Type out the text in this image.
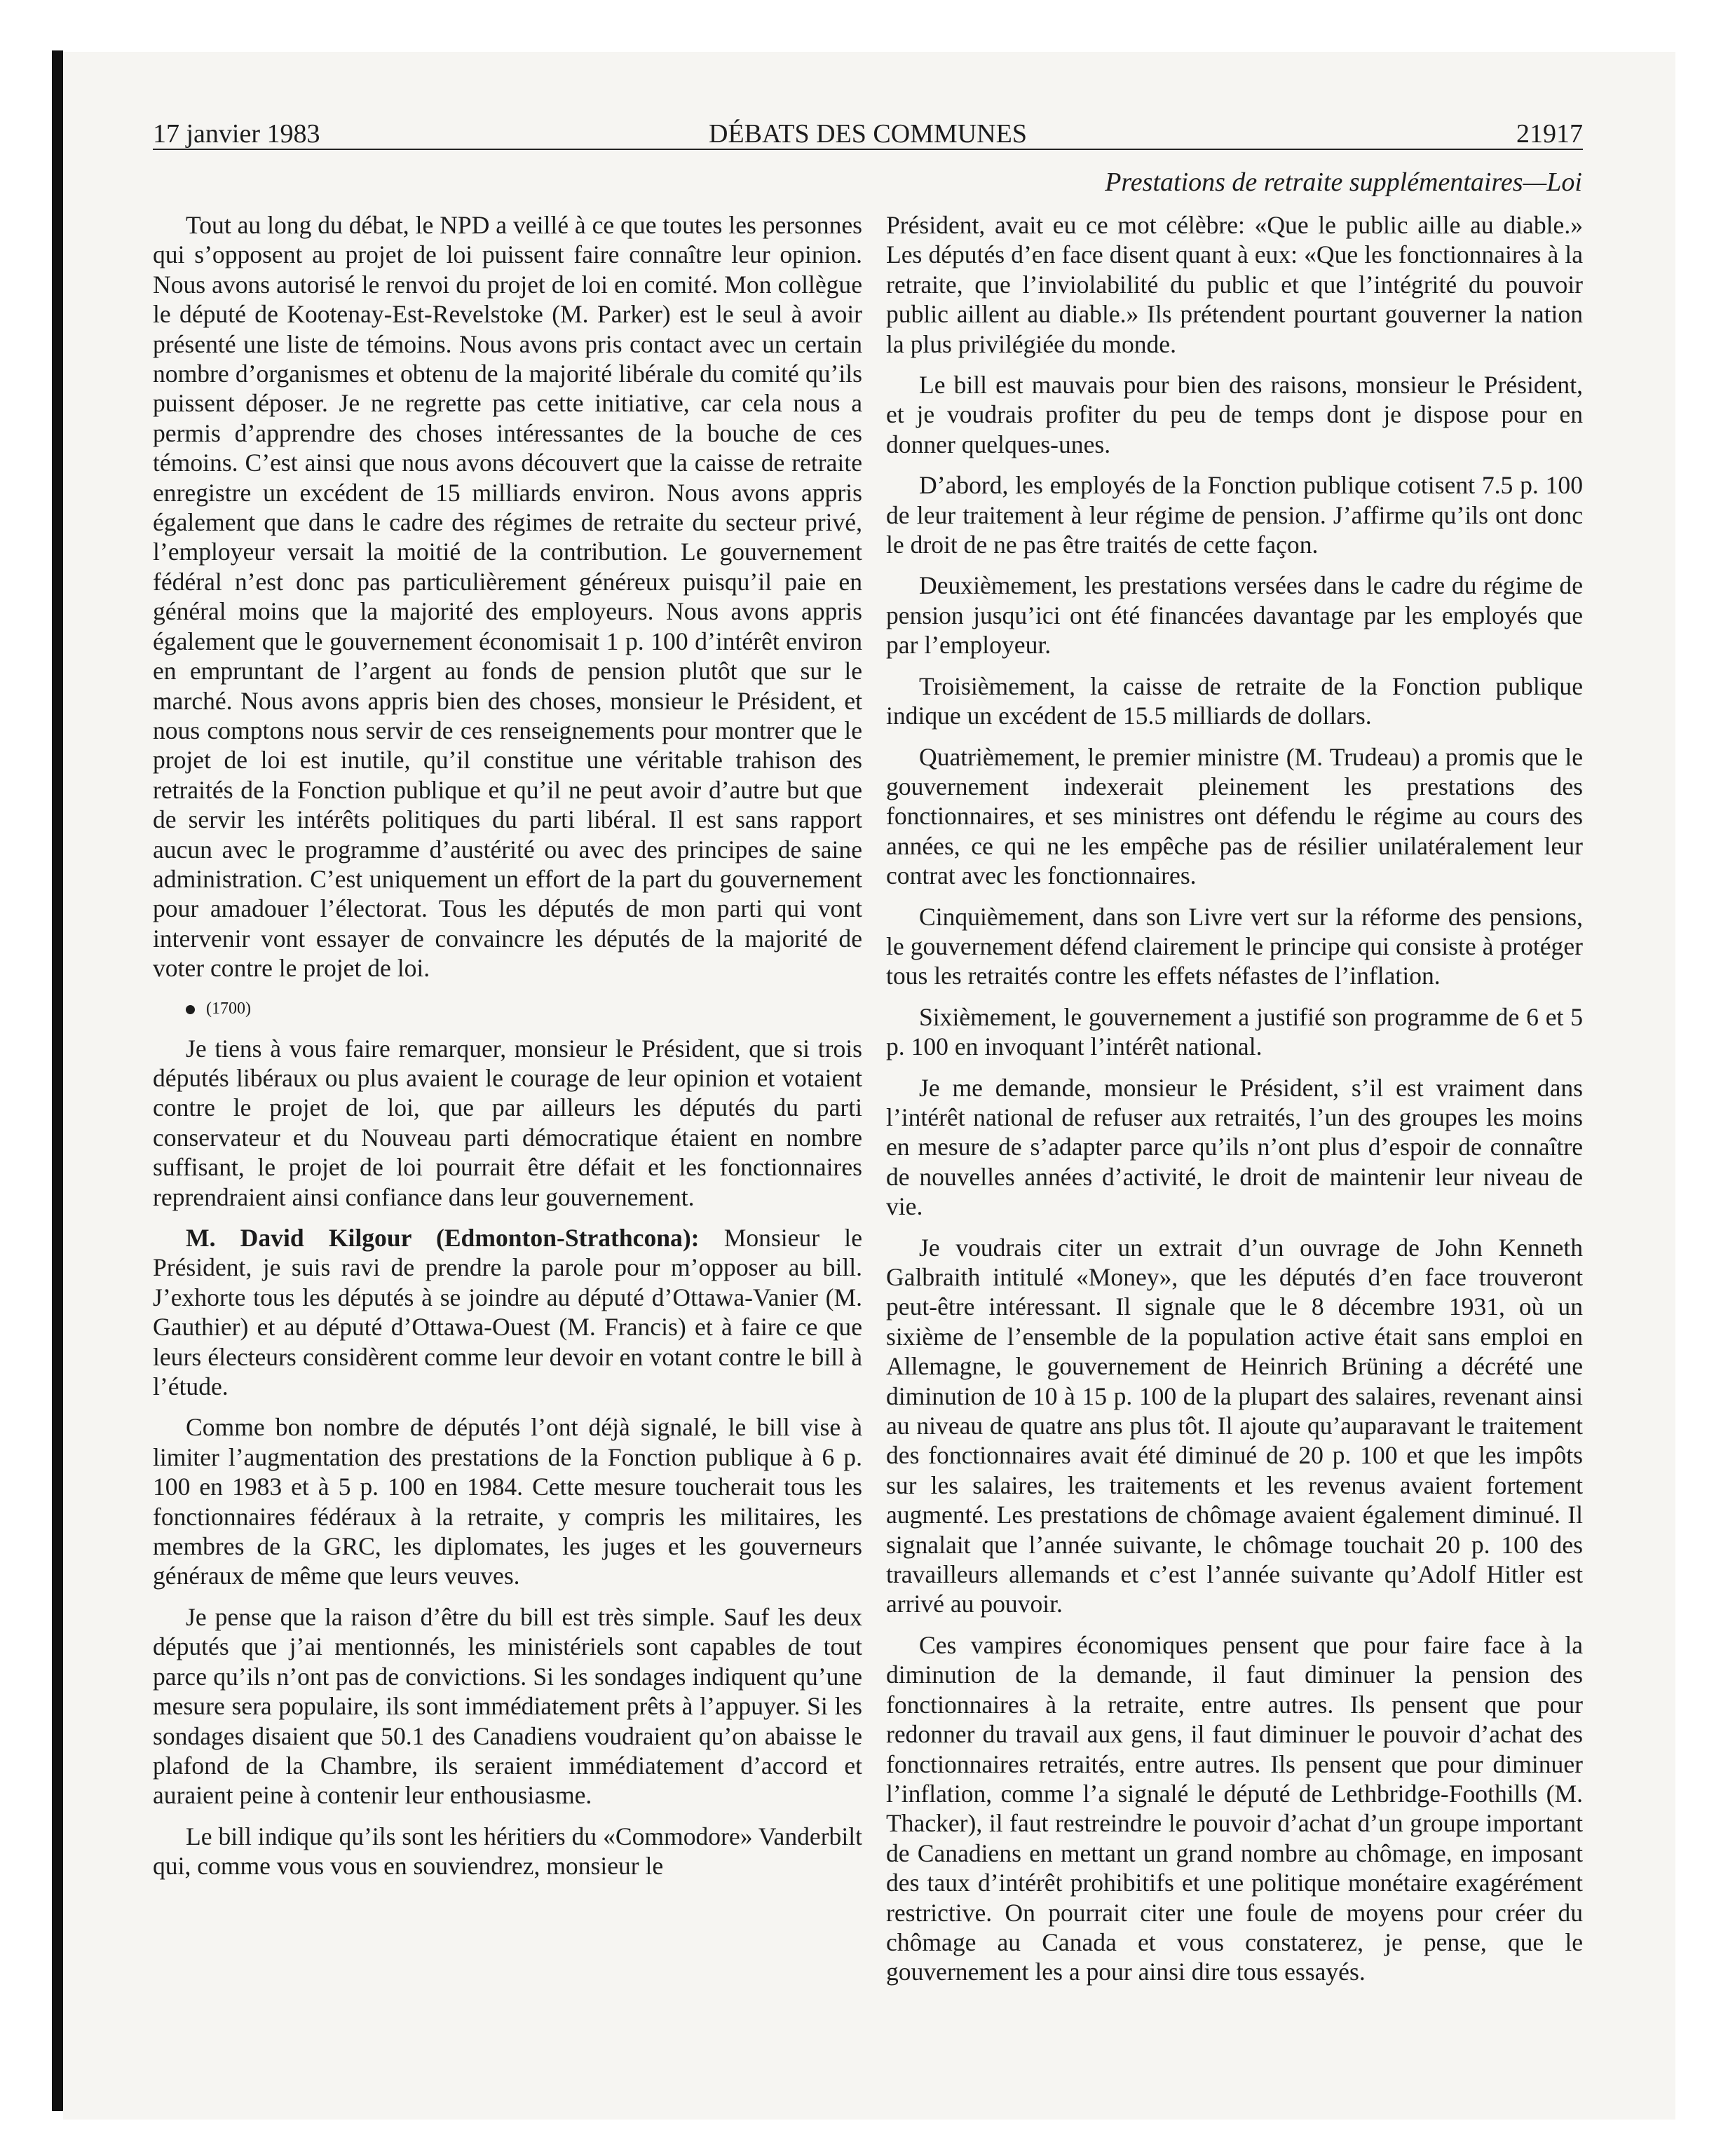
17 janvier 1983	DÉBATS DES COMMUNES	21917
Prestations de retraite supplémentaires—Loi

Tout au long du débat, le NPD a veillé à ce que toutes les personnes qui s’opposent au projet de loi puissent faire connaître leur opinion. Nous avons autorisé le renvoi du projet de loi en comité. Mon collègue le député de Kootenay-Est-Revelstoke (M. Parker) est le seul à avoir présenté une liste de témoins. Nous avons pris contact avec un certain nombre d’organismes et obtenu de la majorité libérale du comité qu’ils puissent déposer. Je ne regrette pas cette initiative, car cela nous a permis d’apprendre des choses intéressantes de la bouche de ces témoins. C’est ainsi que nous avons découvert que la caisse de retraite enregistre un excédent de 15 milliards environ. Nous avons appris également que dans le cadre des régimes de retraite du secteur privé, l’employeur versait la moitié de la contribution. Le gouvernement fédéral n’est donc pas particulièrement généreux puisqu’il paie en général moins que la majorité des employeurs. Nous avons appris également que le gouvernement économisait 1 p. 100 d’intérêt environ en empruntant de l’argent au fonds de pension plutôt que sur le marché. Nous avons appris bien des choses, monsieur le Président, et nous comptons nous servir de ces renseignements pour montrer que le projet de loi est inutile, qu’il constitue une véritable trahison des retraités de la Fonction publique et qu’il ne peut avoir d’autre but que de servir les intérêts politiques du parti libéral. Il est sans rapport aucun avec le programme d’austérité ou avec des principes de saine administration. C’est uniquement un effort de la part du gouvernement pour amadouer l’électorat. Tous les députés de mon parti qui vont intervenir vont essayer de convaincre les députés de la majorité de voter contre le projet de loi.

(1700)

Je tiens à vous faire remarquer, monsieur le Président, que si trois députés libéraux ou plus avaient le courage de leur opinion et votaient contre le projet de loi, que par ailleurs les députés du parti conservateur et du Nouveau parti démocratique étaient en nombre suffisant, le projet de loi pourrait être défait et les fonctionnaires reprendraient ainsi confiance dans leur gouvernement.

M. David Kilgour (Edmonton-Strathcona): Monsieur le Président, je suis ravi de prendre la parole pour m’opposer au bill. J’exhorte tous les députés à se joindre au député d’Ottawa-Vanier (M. Gauthier) et au député d’Ottawa-Ouest (M. Francis) et à faire ce que leurs électeurs considèrent comme leur devoir en votant contre le bill à l’étude.

Comme bon nombre de députés l’ont déjà signalé, le bill vise à limiter l’augmentation des prestations de la Fonction publique à 6 p. 100 en 1983 et à 5 p. 100 en 1984. Cette mesure toucherait tous les fonctionnaires fédéraux à la retraite, y compris les militaires, les membres de la GRC, les diplomates, les juges et les gouverneurs généraux de même que leurs veuves.

Je pense que la raison d’être du bill est très simple. Sauf les deux députés que j’ai mentionnés, les ministériels sont capables de tout parce qu’ils n’ont pas de convictions. Si les sondages indiquent qu’une mesure sera populaire, ils sont immédiatement prêts à l’appuyer. Si les sondages disaient que 50.1 des Canadiens voudraient qu’on abaisse le plafond de la Chambre, ils seraient immédiatement d’accord et auraient peine à contenir leur enthousiasme.

Le bill indique qu’ils sont les héritiers du «Commodore» Vanderbilt qui, comme vous vous en souviendrez, monsieur le

Président, avait eu ce mot célèbre: «Que le public aille au diable.» Les députés d’en face disent quant à eux: «Que les fonctionnaires à la retraite, que l’inviolabilité du public et que l’intégrité du pouvoir public aillent au diable.» Ils prétendent pourtant gouverner la nation la plus privilégiée du monde.

Le bill est mauvais pour bien des raisons, monsieur le Président, et je voudrais profiter du peu de temps dont je dispose pour en donner quelques-unes.

D’abord, les employés de la Fonction publique cotisent 7.5 p. 100 de leur traitement à leur régime de pension. J’affirme qu’ils ont donc le droit de ne pas être traités de cette façon.

Deuxièmement, les prestations versées dans le cadre du régime de pension jusqu’ici ont été financées davantage par les employés que par l’employeur.

Troisièmement, la caisse de retraite de la Fonction publique indique un excédent de 15.5 milliards de dollars.

Quatrièmement, le premier ministre (M. Trudeau) a promis que le gouvernement indexerait pleinement les prestations des fonctionnaires, et ses ministres ont défendu le régime au cours des années, ce qui ne les empêche pas de résilier unilatéralement leur contrat avec les fonctionnaires.

Cinquièmement, dans son Livre vert sur la réforme des pensions, le gouvernement défend clairement le principe qui consiste à protéger tous les retraités contre les effets néfastes de l’inflation.

Sixièmement, le gouvernement a justifié son programme de 6 et 5 p. 100 en invoquant l’intérêt national.

Je me demande, monsieur le Président, s’il est vraiment dans l’intérêt national de refuser aux retraités, l’un des groupes les moins en mesure de s’adapter parce qu’ils n’ont plus d’espoir de connaître de nouvelles années d’activité, le droit de maintenir leur niveau de vie.

Je voudrais citer un extrait d’un ouvrage de John Kenneth Galbraith intitulé «Money», que les députés d’en face trouveront peut-être intéressant. Il signale que le 8 décembre 1931, où un sixième de l’ensemble de la population active était sans emploi en Allemagne, le gouvernement de Heinrich Brüning a décrété une diminution de 10 à 15 p. 100 de la plupart des salaires, revenant ainsi au niveau de quatre ans plus tôt. Il ajoute qu’auparavant le traitement des fonctionnaires avait été diminué de 20 p. 100 et que les impôts sur les salaires, les traitements et les revenus avaient fortement augmenté. Les prestations de chômage avaient également diminué. Il signalait que l’année suivante, le chômage touchait 20 p. 100 des travailleurs allemands et c’est l’année suivante qu’Adolf Hitler est arrivé au pouvoir.

Ces vampires économiques pensent que pour faire face à la diminution de la demande, il faut diminuer la pension des fonctionnaires à la retraite, entre autres. Ils pensent que pour redonner du travail aux gens, il faut diminuer le pouvoir d’achat des fonctionnaires retraités, entre autres. Ils pensent que pour diminuer l’inflation, comme l’a signalé le député de Lethbridge-Foothills (M. Thacker), il faut restreindre le pouvoir d’achat d’un groupe important de Canadiens en mettant un grand nombre au chômage, en imposant des taux d’intérêt prohibitifs et une politique monétaire exagérément restrictive. On pourrait citer une foule de moyens pour créer du chômage au Canada et vous constaterez, je pense, que le gouvernement les a pour ainsi dire tous essayés.
